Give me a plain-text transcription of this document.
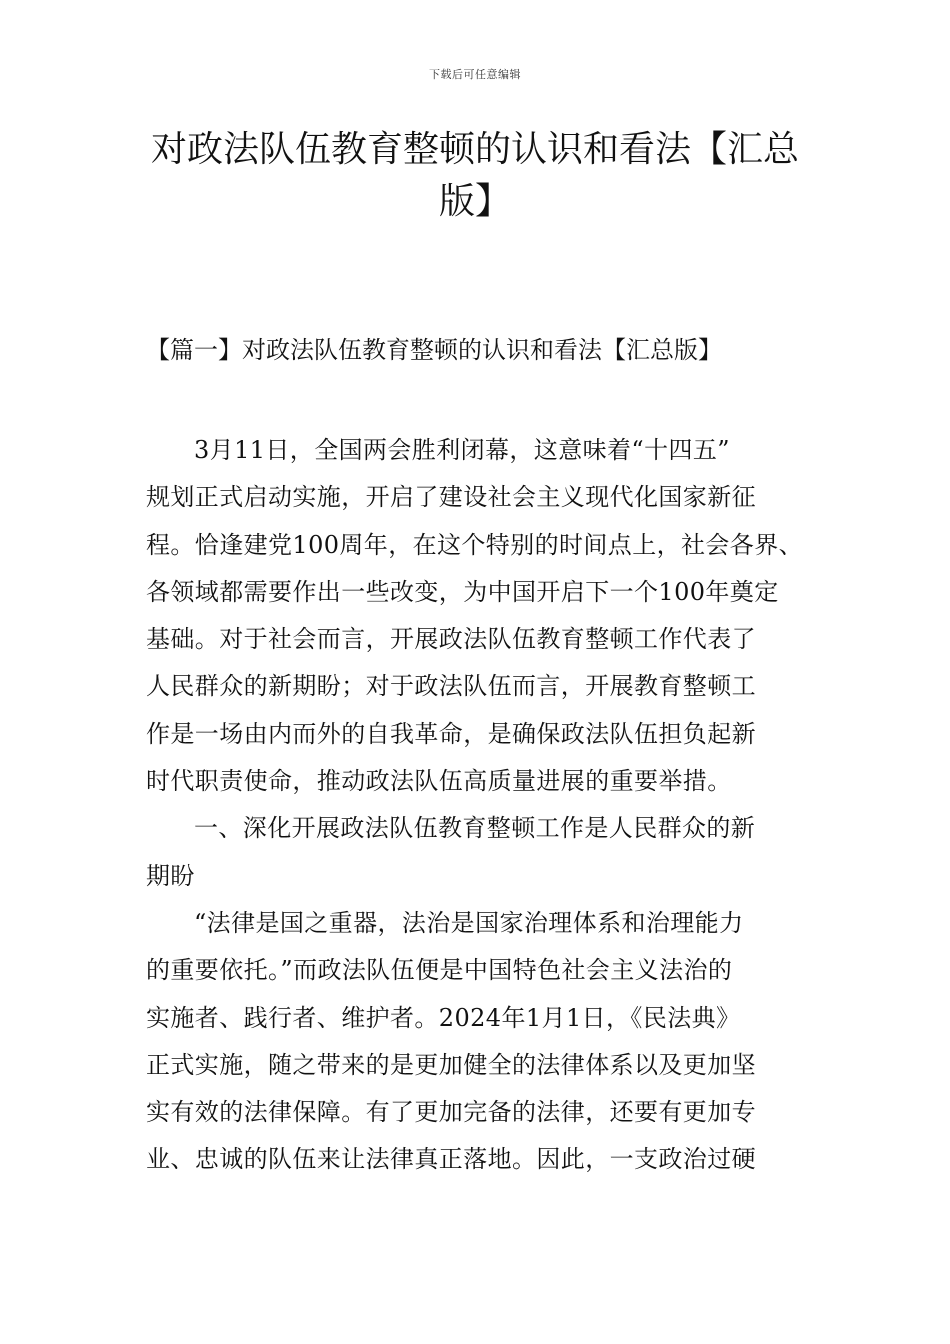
下载后可任意编辑
对政法队伍教育整顿的认识和看法【汇总
版】
【篇一】对政法队伍教育整顿的认识和看法【汇总版】
3月11日，全国两会胜利闭幕，这意味着“十四五”
规划正式启动实施，开启了建设社会主义现代化国家新征
程。恰逢建党100周年，在这个特别的时间点上，社会各界、
各领域都需要作出一些改变，为中国开启下一个100年奠定
基础。对于社会而言，开展政法队伍教育整顿工作代表了
人民群众的新期盼；对于政法队伍而言，开展教育整顿工
作是一场由内而外的自我革命，是确保政法队伍担负起新
时代职责使命，推动政法队伍高质量进展的重要举措。
一、深化开展政法队伍教育整顿工作是人民群众的新
期盼
“法律是国之重器，法治是国家治理体系和治理能力
的重要依托。”而政法队伍便是中国特色社会主义法治的
实施者、践行者、维护者。2024年1月1日，《民法典》
正式实施，随之带来的是更加健全的法律体系以及更加坚
实有效的法律保障。有了更加完备的法律，还要有更加专
业、忠诚的队伍来让法律真正落地。因此，一支政治过硬
